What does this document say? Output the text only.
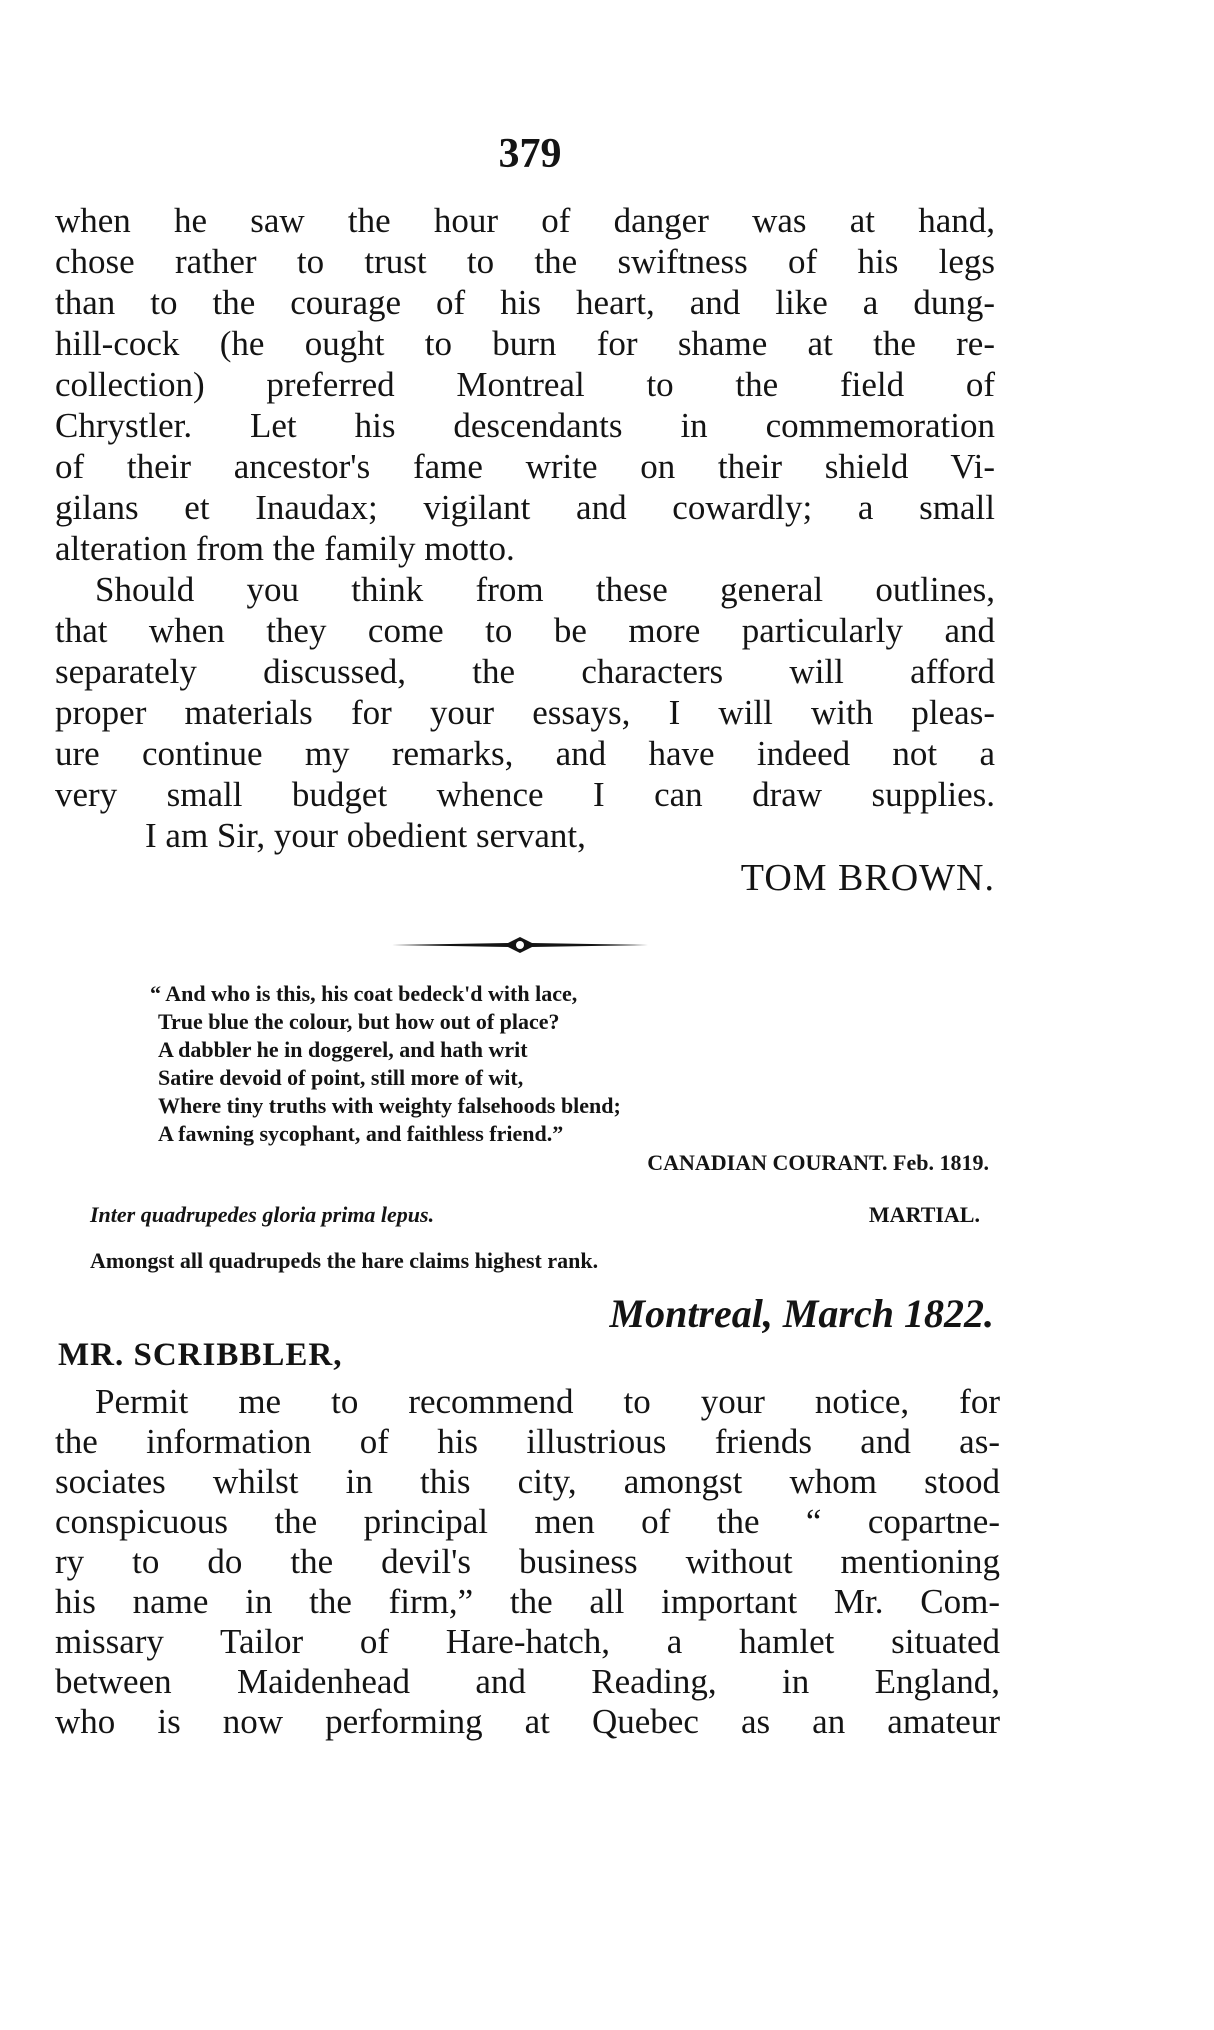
379
when he saw the hour of danger was at hand,
chose rather to trust to the swiftness of his legs
than to the courage of his heart, and like a dung-
hill-cock (he ought to burn for shame at the re-
collection) preferred Montreal to the field of
Chrystler. Let his descendants in commemoration
of their ancestor's fame write on their shield Vi-
gilans et Inaudax; vigilant and cowardly; a small
alteration from the family motto.
Should you think from these general outlines,
that when they come to be more particularly and
separately discussed, the characters will afford
proper materials for your essays, I will with pleas-
ure continue my remarks, and have indeed not a
very small budget whence I can draw supplies.
I am Sir, your obedient servant,
TOM BROWN.
“ And who is this, his coat bedeck'd with lace,
True blue the colour, but how out of place?
A dabbler he in doggerel, and hath writ
Satire devoid of point, still more of wit,
Where tiny truths with weighty falsehoods blend;
A fawning sycophant, and faithless friend.”
CANADIAN COURANT. Feb. 1819.
Inter quadrupedes gloria prima lepus.	MARTIAL.
Amongst all quadrupeds the hare claims highest rank.
Montreal, March 1822.
MR. SCRIBBLER,
Permit me to recommend to your notice, for
the information of his illustrious friends and as-
sociates whilst in this city, amongst whom stood
conspicuous the principal men of the “ copartne-
ry to do the devil's business without mentioning
his name in the firm,” the all important Mr. Com-
missary Tailor of Hare-hatch, a hamlet situated
between Maidenhead and Reading, in England,
who is now performing at Quebec as an amateur
